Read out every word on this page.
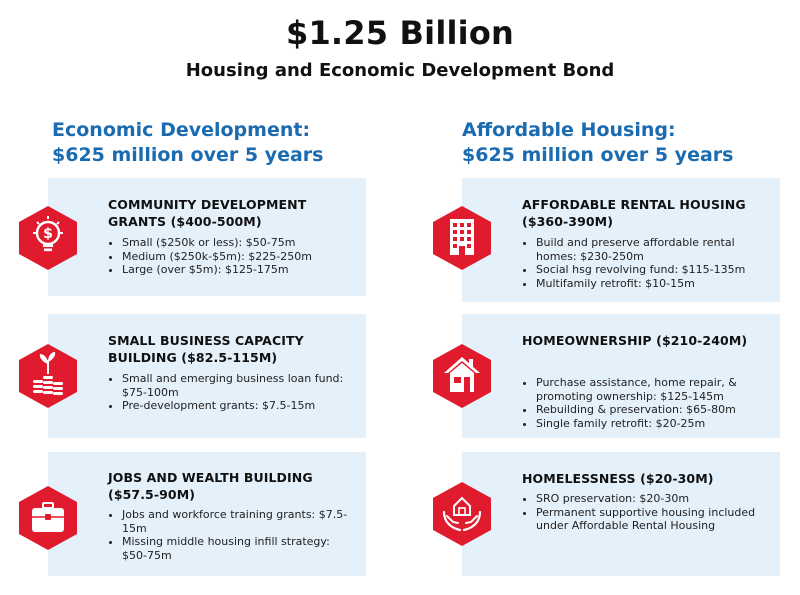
$1.25 Billion
Housing and Economic Development Bond
Economic Development:
$625 million over 5 years
Affordable Housing:
$625 million over 5 years
COMMUNITY DEVELOPMENT GRANTS ($400-500M)
• Small ($250k or less): $50-75m
• Medium ($250k-$5m): $225-250m
• Large (over $5m): $125-175m
SMALL BUSINESS CAPACITY BUILDING ($82.5-115M)
• Small and emerging business loan fund: $75-100m
• Pre-development grants: $7.5-15m
JOBS AND WEALTH BUILDING ($57.5-90M)
• Jobs and workforce training grants: $7.5-15m
• Missing middle housing infill strategy: $50-75m
AFFORDABLE RENTAL HOUSING ($360-390M)
• Build and preserve affordable rental homes: $230-250m
• Social hsg revolving fund: $115-135m
• Multifamily retrofit: $10-15m
HOMEOWNERSHIP ($210-240M)
• Purchase assistance, home repair, & promoting ownership: $125-145m
• Rebuilding & preservation: $65-80m
• Single family retrofit: $20-25m
HOMELESSNESS ($20-30M)
• SRO preservation: $20-30m
• Permanent supportive housing included under Affordable Rental Housing
$
